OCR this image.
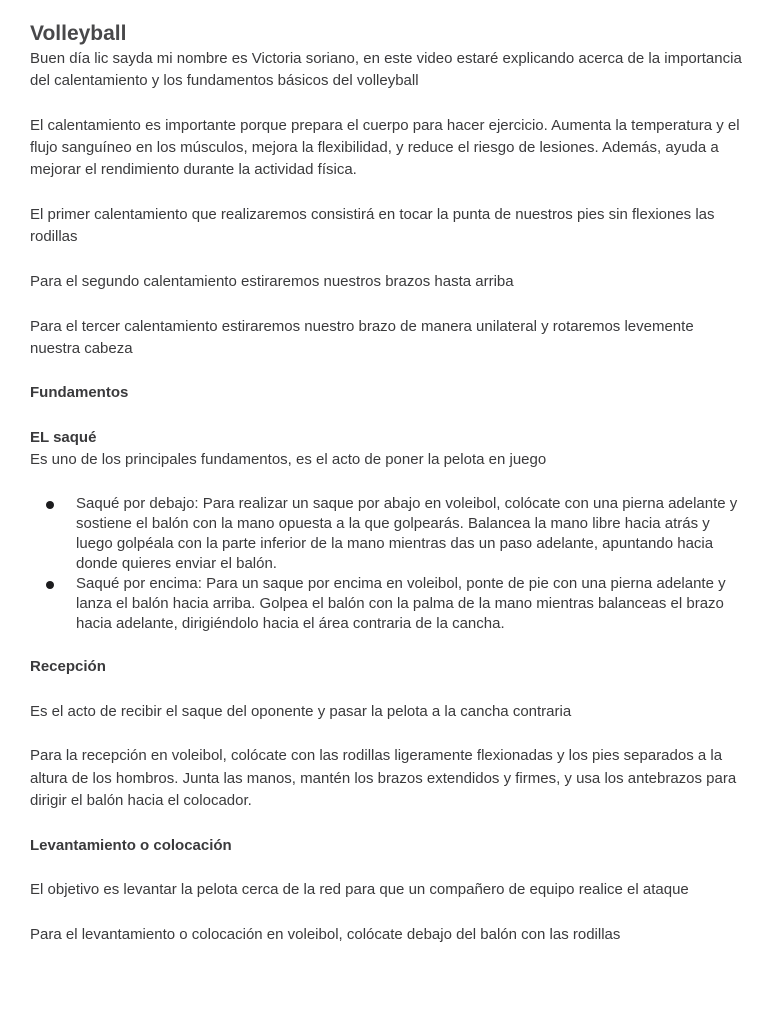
Volleyball

Buen día lic sayda mi nombre es Victoria soriano, en este video estaré explicando acerca de la importancia del calentamiento y los fundamentos básicos del volleyball

El calentamiento es importante porque prepara el cuerpo para hacer ejercicio. Aumenta la temperatura y el flujo sanguíneo en los músculos, mejora la flexibilidad, y reduce el riesgo de lesiones. Además, ayuda a mejorar el rendimiento durante la actividad física.

El primer calentamiento que realizaremos consistirá en tocar la punta de nuestros pies sin flexiones las rodillas

Para el segundo calentamiento estiraremos nuestros brazos hasta arriba

Para el tercer calentamiento estiraremos nuestro brazo de manera unilateral y rotaremos levemente nuestra cabeza

Fundamentos

EL saqué

Es uno de los principales fundamentos, es el acto de poner la pelota en juego

Saqué por debajo: Para realizar un saque por abajo en voleibol, colócate con una pierna adelante y sostiene el balón con la mano opuesta a la que golpearás. Balancea la mano libre hacia atrás y luego golpéala con la parte inferior de la mano mientras das un paso adelante, apuntando hacia donde quieres enviar el balón.
Saqué por encima: Para un saque por encima en voleibol, ponte de pie con una pierna adelante y lanza el balón hacia arriba. Golpea el balón con la palma de la mano mientras balanceas el brazo hacia adelante, dirigiéndolo hacia el área contraria de la cancha.

Recepción

Es el acto de recibir el saque del oponente y pasar la pelota a la cancha contraria

Para la recepción en voleibol, colócate con las rodillas ligeramente flexionadas y los pies separados a la altura de los hombros. Junta las manos, mantén los brazos extendidos y firmes, y usa los antebrazos para dirigir el balón hacia el colocador.

Levantamiento o colocación

El objetivo es levantar la pelota cerca de la red para que un compañero de equipo realice el ataque

Para el levantamiento o colocación en voleibol, colócate debajo del balón con las rodillas
